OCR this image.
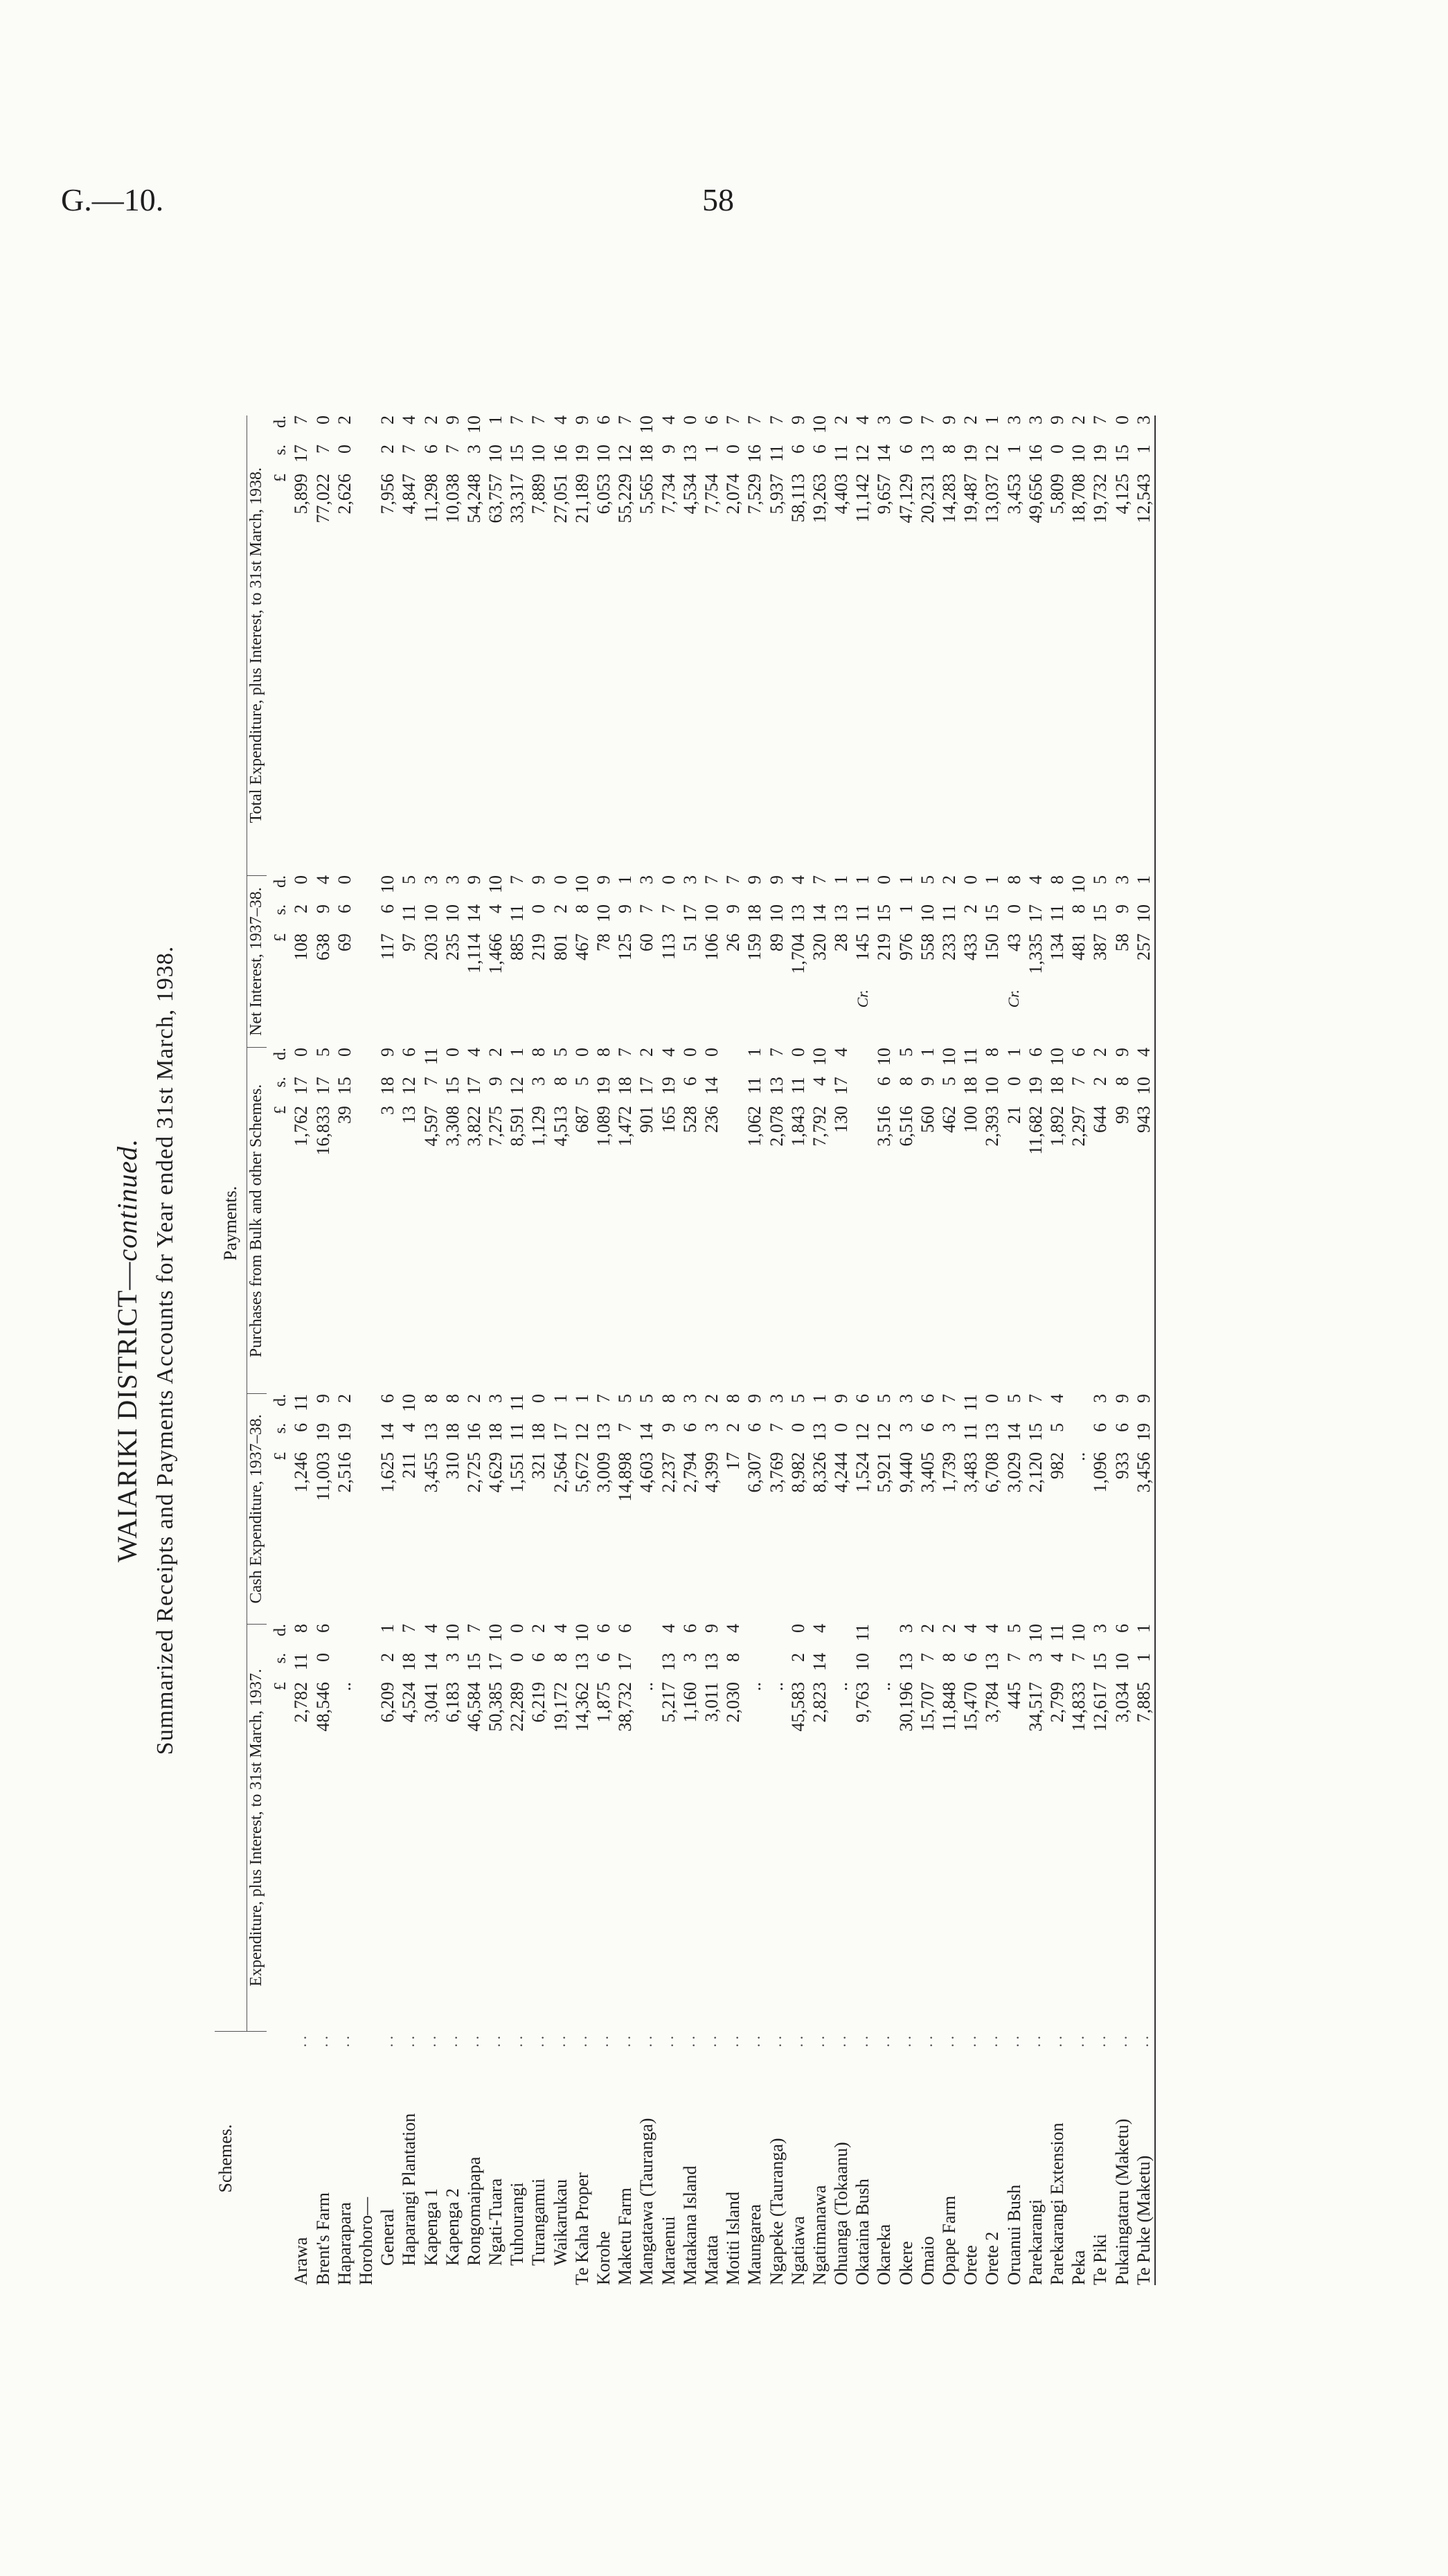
G.—10.	58
WAIARIKI DISTRICT—continued. Summarized Receipts and Payments Accounts for Year ended 31st March, 1938.
Schemes.		Payments.																				
		Expenditure, plus Interest, to 31st March, 1937.				Cash Expenditure, 1937–38.				Purchases from Bulk and other Schemes.				Net Interest, 1937–38.					Total Expenditure, plus Interest, to 31st March, 1938.			
			£	s.	d.		£	s.	d.		£	s.	d.			£	s.	d.		£	s.	d.
Arawa	. .		2,782	11	8		1,246	6	11		1,762	17	0			108	2	0		5,899	17	7
Brent's Farm	. .		48,546	0	6		11,003	19	9		16,833	17	5			638	9	4		77,022	7	0
Haparapara	. .		..				2,516	19	2		39	15	0			69	6	0		2,626	0	2
Horohoro—																						
General	. .		6,209	2	1		1,625	14	6		3	18	9			117	6	10		7,956	2	2
Haparangi Plantation	. .		4,524	18	7		211	4	10		13	12	6			97	11	5		4,847	7	4
Kapenga 1	. .		3,041	14	4		3,455	13	8		4,597	7	11			203	10	3		11,298	6	2
Kapenga 2	. .		6,183	3	10		310	18	8		3,308	15	0			235	10	3		10,038	7	9
Rongomaipapa	. .		46,584	15	7		2,725	16	2		3,822	17	4			1,114	14	9		54,248	3	10
Ngati-Tuara	. .		50,385	17	10		4,629	18	3		7,275	9	2			1,466	4	10		63,757	10	1
Tuhourangi	. .		22,289	0	0		1,551	11	11		8,591	12	1			885	11	7		33,317	15	7
Turangamui	. .		6,219	6	2		321	18	0		1,129	3	8			219	0	9		7,889	10	7
Waikarukau	. .		19,172	8	4		2,564	17	1		4,513	8	5			801	2	0		27,051	16	4
Te Kaha Proper	. .		14,362	13	10		5,672	12	1		687	5	0			467	8	10		21,189	19	9
Korohe	. .		1,875	6	6		3,009	13	7		1,089	19	8			78	10	9		6,053	10	6
Maketu Farm	. .		38,732	17	6		14,898	7	5		1,472	18	7			125	9	1		55,229	12	7
Mangatawa (Tauranga)	. .		..				4,603	14	5		901	17	2			60	7	3		5,565	18	10
Maraenui	. .		5,217	13	4		2,237	9	8		165	19	4			113	7	0		7,734	9	4
Matakana Island	. .		1,160	3	6		2,794	6	3		528	6	0			51	17	3		4,534	13	0
Matata	. .		3,011	13	9		4,399	3	2		236	14	0			106	10	7		7,754	1	6
Motiti Island	. .		2,030	8	4		17	2	8							26	9	7		2,074	0	7
Maungarea	. .		..				6,307	6	9		1,062	11	1			159	18	9		7,529	16	7
Ngapeke (Tauranga)	. .		..				3,769	7	3		2,078	13	7			89	10	9		5,937	11	7
Ngatiawa	. .		45,583	2	0		8,982	0	5		1,843	11	0			1,704	13	4		58,113	6	9
Ngatimanawa	. .		2,823	14	4		8,326	13	1		7,792	4	10			320	14	7		19,263	6	10
Ohuanga (Tokaanu)	. .		..				4,244	0	9		130	17	4			28	13	1		4,403	11	2
Okataina Bush	. .		9,763	10	11		1,524	12	6						Cr.	145	11	1		11,142	12	4
Okareka	. .		..				5,921	12	5		3,516	6	10			219	15	0		9,657	14	3
Okere	. .		30,196	13	3		9,440	3	3		6,516	8	5			976	1	1		47,129	6	0
Omaio	. .		15,707	7	2		3,405	6	6		560	9	1			558	10	5		20,231	13	7
Opape Farm	. .		11,848	8	2		1,739	3	7		462	5	10			233	11	2		14,283	8	9
Orete	. .		15,470	6	4		3,483	11	11		100	18	11			433	2	0		19,487	19	2
Orete 2	. .		3,784	13	4		6,708	13	0		2,393	10	8			150	15	1		13,037	12	1
Oruanui Bush	. .		445	7	5		3,029	14	5		21	0	1		Cr.	43	0	8		3,453	1	3
Parekarangi	. .		34,517	3	10		2,120	15	7		11,682	19	6			1,335	17	4		49,656	16	3
Parekarangi Extension	. .		2,799	4	11		982	5	4		1,892	18	10			134	11	8		5,809	0	9
Peka	. .		14,833	7	10		..				2,297	7	6			481	8	10		18,708	10	2
Te Piki	. .		12,617	15	3		1,096	6	3		644	2	2			387	15	5		19,732	19	7
Pukaingataru (Maketu)	. .		3,034	10	6		933	6	9		99	8	9			58	9	3		4,125	15	0
Te Puke (Maketu)	. .		7,885	1	1		3,456	19	9		943	10	4			257	10	1		12,543	1	3
